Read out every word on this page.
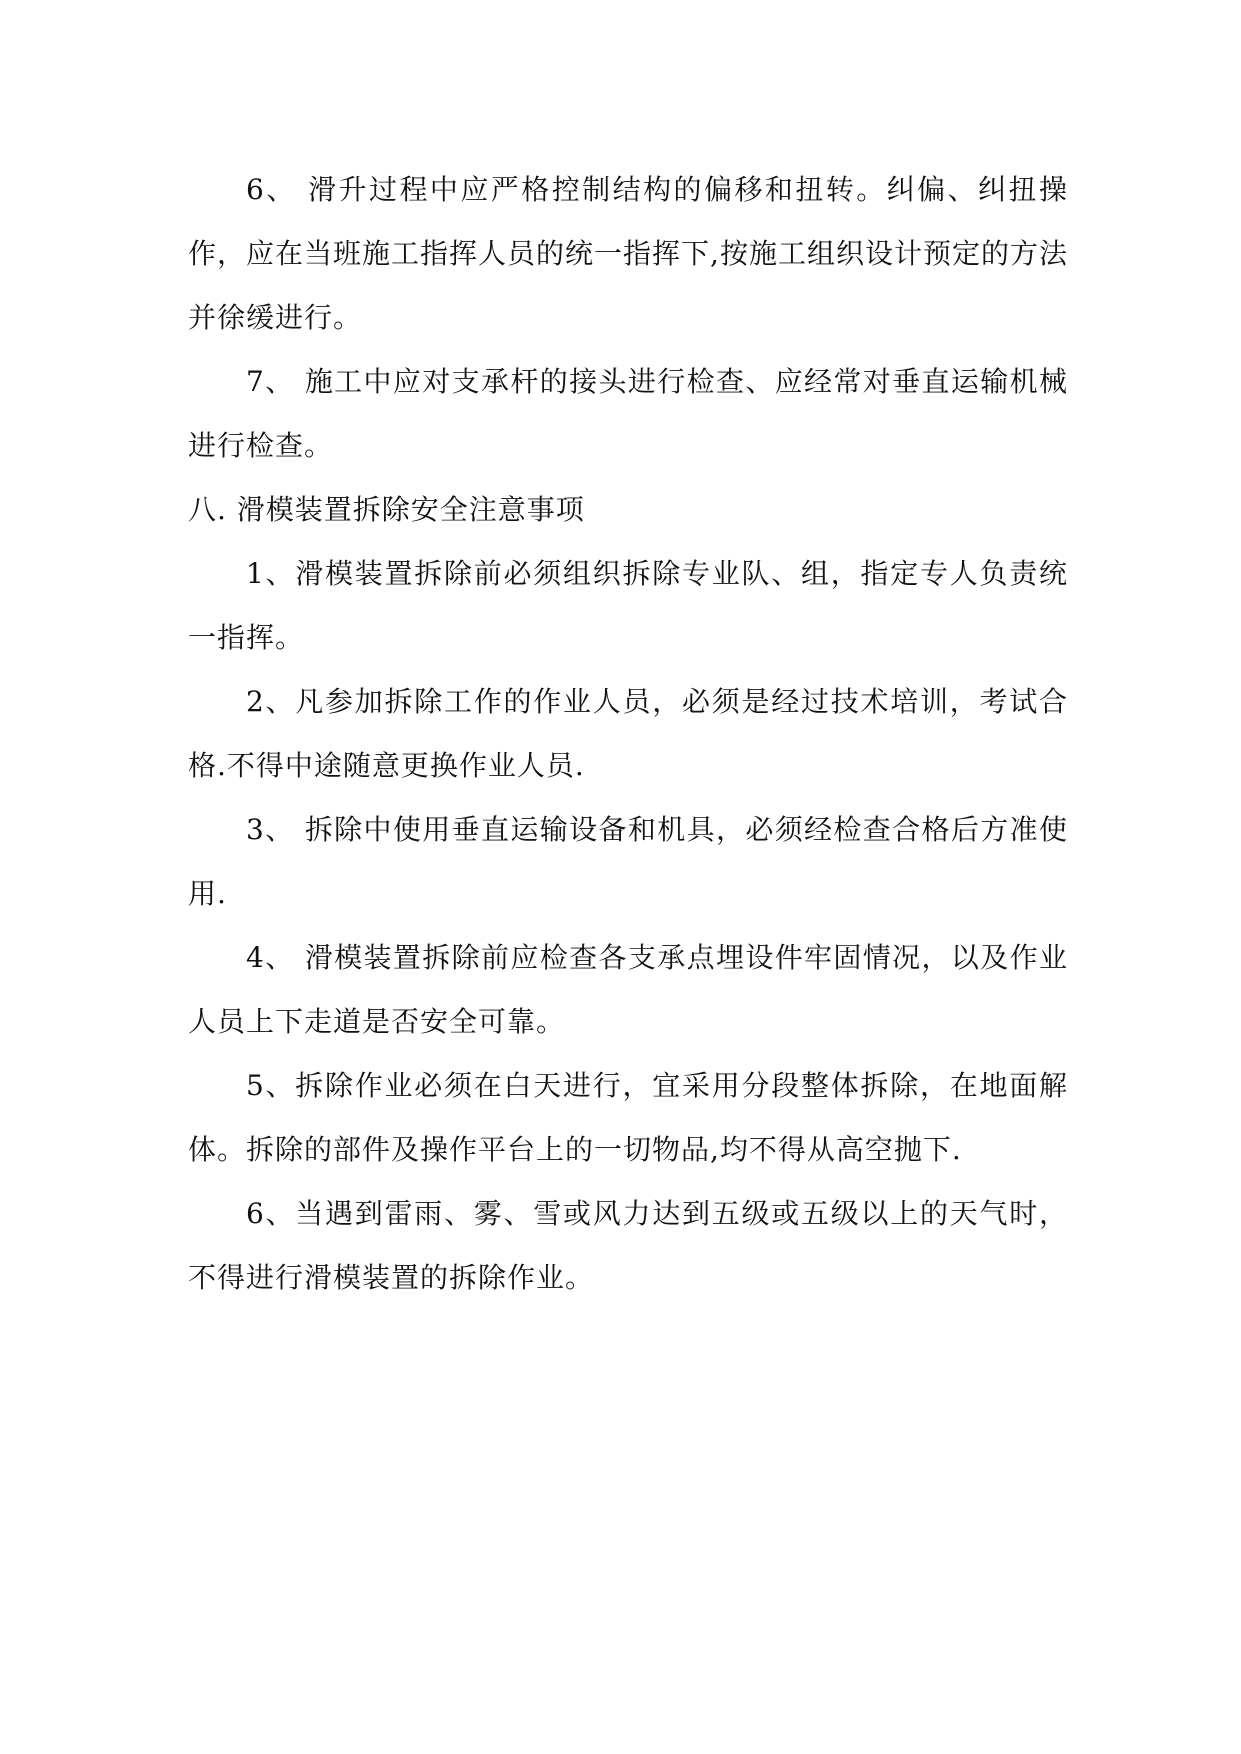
6、 滑升过程中应严格控制结构的偏移和扭转。纠偏、纠扭操作，应在当班施工指挥人员的统一指挥下,按施工组织设计预定的方法并徐缓进行。

7、 施工中应对支承杆的接头进行检查、应经常对垂直运输机械进行检查。

八. 滑模装置拆除安全注意事项

1、滑模装置拆除前必须组织拆除专业队、组，指定专人负责统一指挥。

2、凡参加拆除工作的作业人员，必须是经过技术培训，考试合格.不得中途随意更换作业人员.

3、 拆除中使用垂直运输设备和机具，必须经检查合格后方准使用.

4、 滑模装置拆除前应检查各支承点埋设件牢固情况，以及作业人员上下走道是否安全可靠。

5、拆除作业必须在白天进行，宜采用分段整体拆除，在地面解体。拆除的部件及操作平台上的一切物品,均不得从高空抛下.

6、当遇到雷雨、雾、雪或风力达到五级或五级以上的天气时，不得进行滑模装置的拆除作业。
